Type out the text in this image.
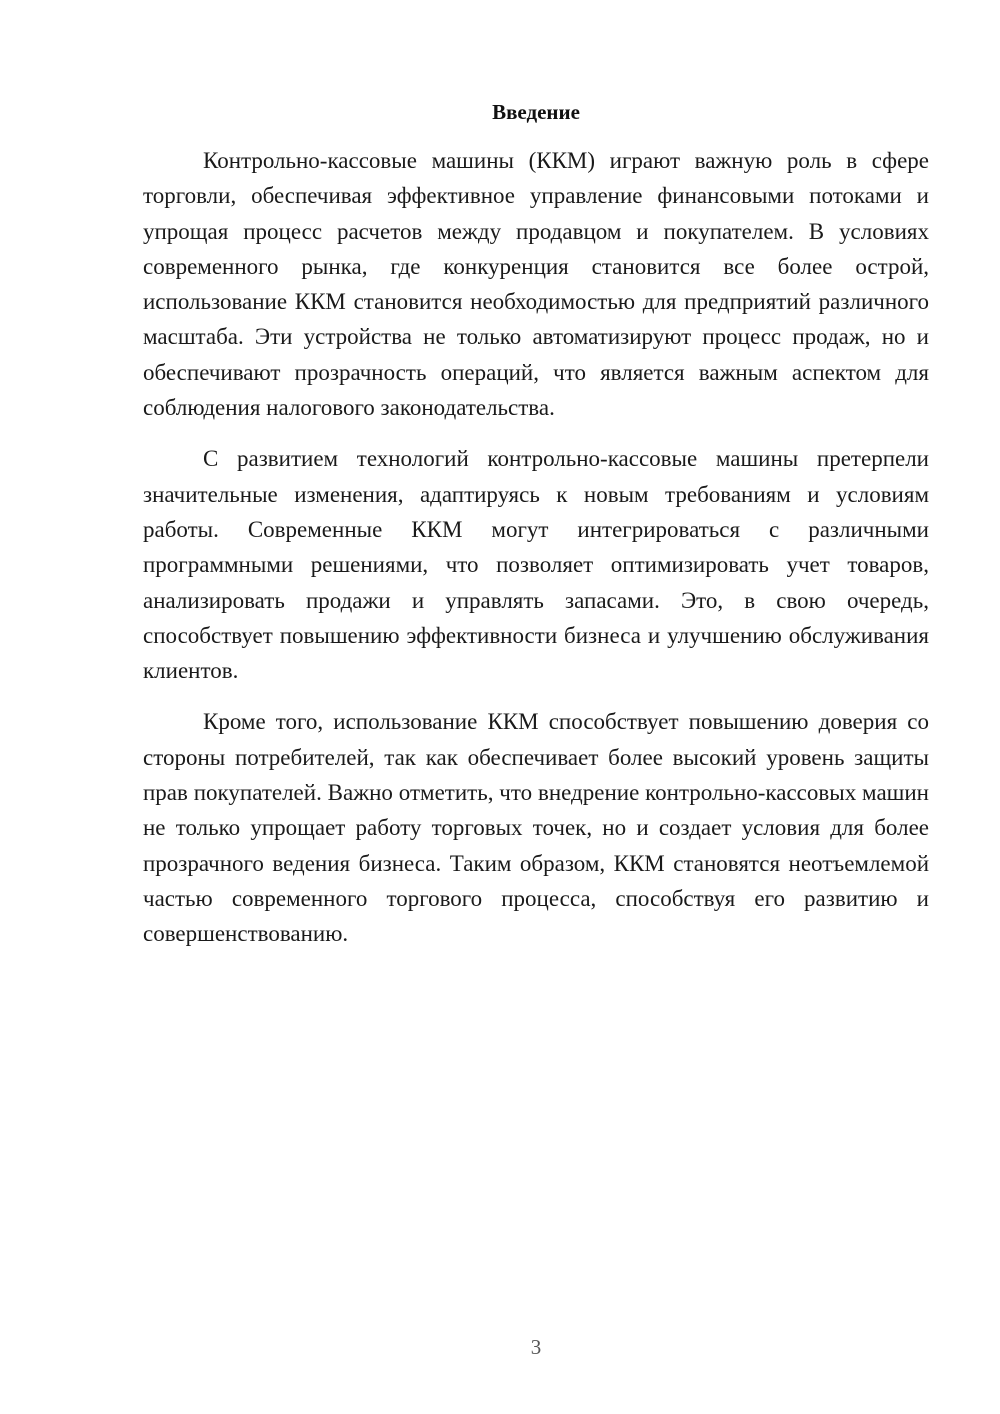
Введение

Контрольно-кассовые машины (ККМ) играют важную роль в сфере торговли, обеспечивая эффективное управление финансовыми потоками и упрощая процесс расчетов между продавцом и покупателем. В условиях современного рынка, где конкуренция становится все более острой, использование ККМ становится необходимостью для предприятий различного масштаба. Эти устройства не только автоматизируют процесс продаж, но и обеспечивают прозрачность операций, что является важным аспектом для соблюдения налогового законодательства.

С развитием технологий контрольно-кассовые машины претерпели значительные изменения, адаптируясь к новым требованиям и условиям работы. Современные ККМ могут интегрироваться с различными программными решениями, что позволяет оптимизировать учет товаров, анализировать продажи и управлять запасами. Это, в свою очередь, способствует повышению эффективности бизнеса и улучшению обслуживания клиентов.

Кроме того, использование ККМ способствует повышению доверия со стороны потребителей, так как обеспечивает более высокий уровень защиты прав покупателей. Важно отметить, что внедрение контрольно-кассовых машин не только упрощает работу торговых точек, но и создает условия для более прозрачного ведения бизнеса. Таким образом, ККМ становятся неотъемлемой частью современного торгового процесса, способствуя его развитию и совершенствованию.

3
